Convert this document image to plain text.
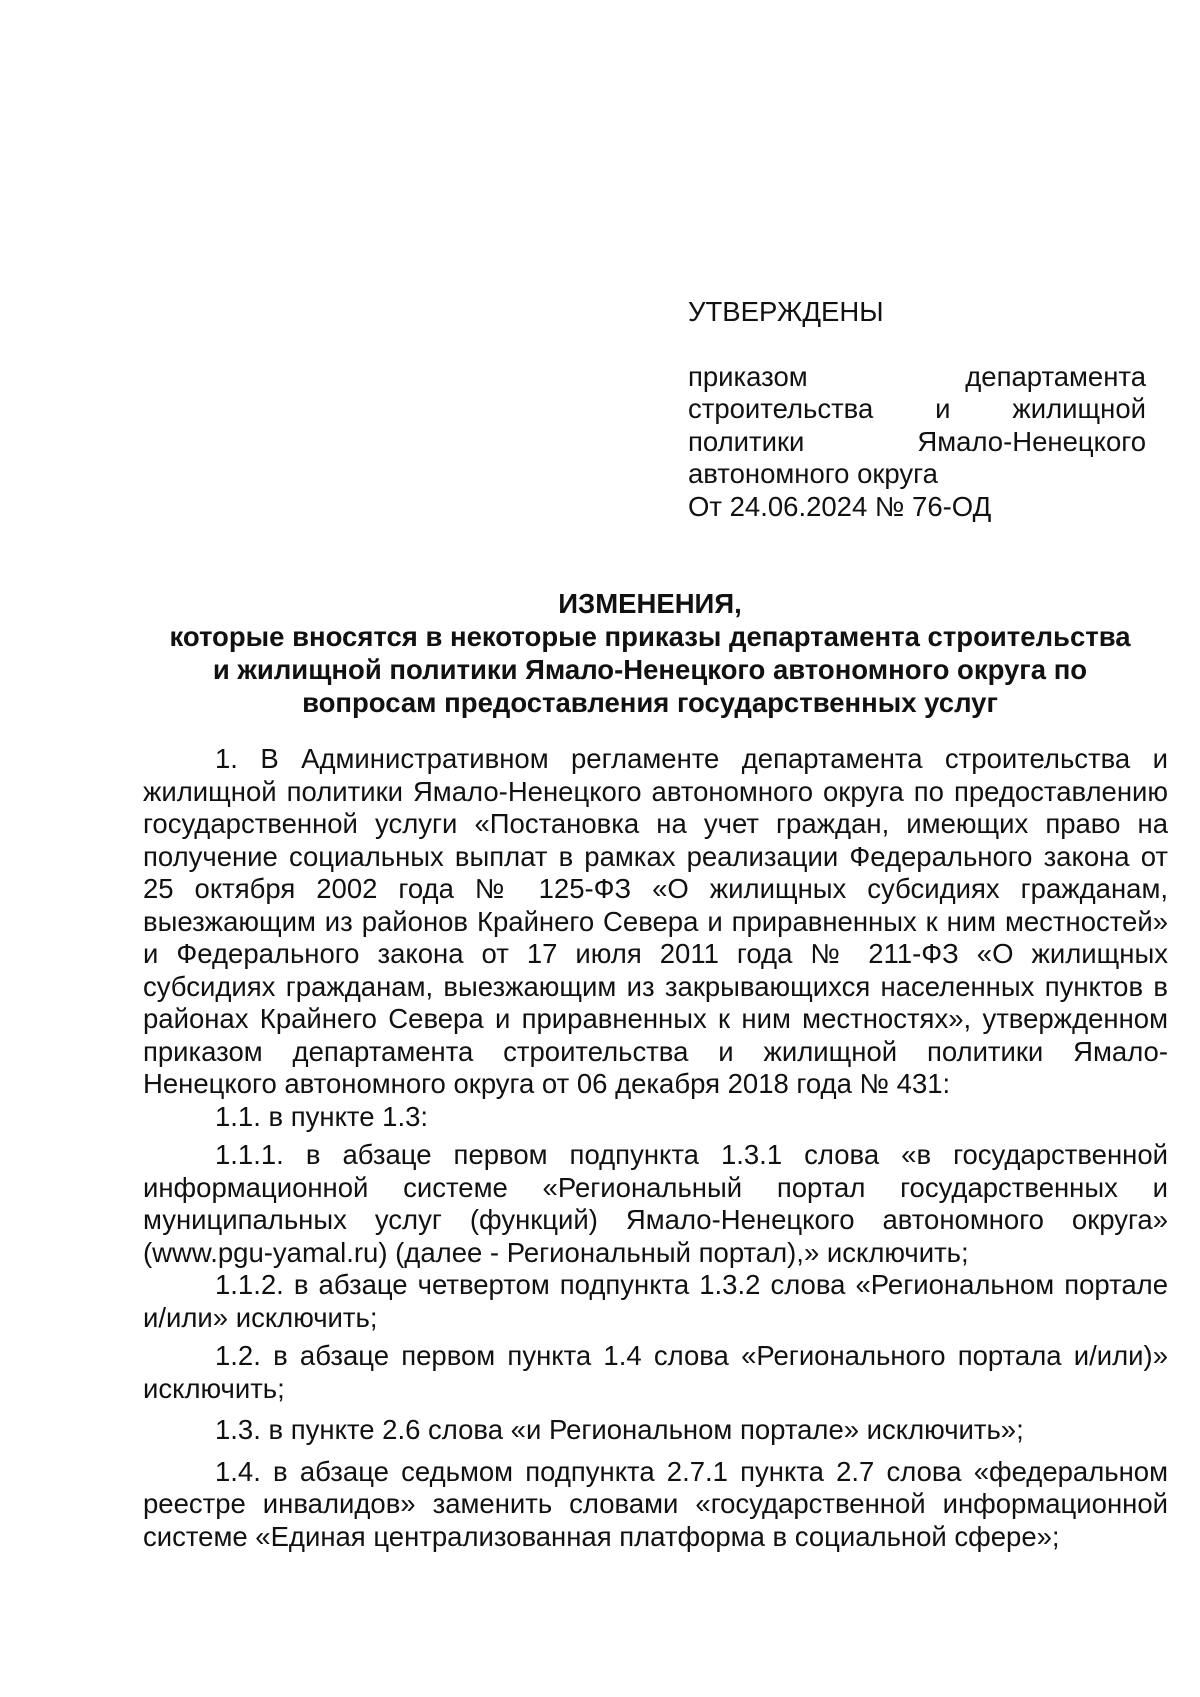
УТВЕРЖДЕНЫ

приказом департамента строительства и жилищной политики Ямало-Ненецкого автономного округа

От 24.06.2024 № 76-ОД

ИЗМЕНЕНИЯ,
которые вносятся в некоторые приказы департамента строительства
и жилищной политики Ямало-Ненецкого автономного округа по
вопросам предоставления государственных услуг

1. В Административном регламенте департамента строительства и жилищной политики Ямало-Ненецкого автономного округа по предоставлению государственной услуги «Постановка на учет граждан, имеющих право на получение социальных выплат в рамках реализации Федерального закона от 25 октября 2002 года № 125-ФЗ «О жилищных субсидиях гражданам, выезжающим из районов Крайнего Севера и приравненных к ним местностей» и Федерального закона от 17 июля 2011 года № 211-ФЗ «О жилищных субсидиях гражданам, выезжающим из закрывающихся населенных пунктов в районах Крайнего Севера и приравненных к ним местностях», утвержденном приказом департамента строительства и жилищной политики Ямало-Ненецкого автономного округа от 06 декабря 2018 года № 431:

1.1. в пункте 1.3:

1.1.1. в абзаце первом подпункта 1.3.1 слова «в государственной информационной системе «Региональный портал государственных и муниципальных услуг (функций) Ямало-Ненецкого автономного округа» (www.pgu-yamal.ru) (далее - Региональный портал),» исключить;

1.1.2. в абзаце четвертом подпункта 1.3.2 слова «Региональном портале и/или» исключить;

1.2. в абзаце первом пункта 1.4 слова «Регионального портала и/или)» исключить;

1.3. в пункте 2.6 слова «и Региональном портале» исключить»;

1.4. в абзаце седьмом подпункта 2.7.1 пункта 2.7 слова «федеральном реестре инвалидов» заменить словами «государственной информационной системе «Единая централизованная платформа в социальной сфере»;
